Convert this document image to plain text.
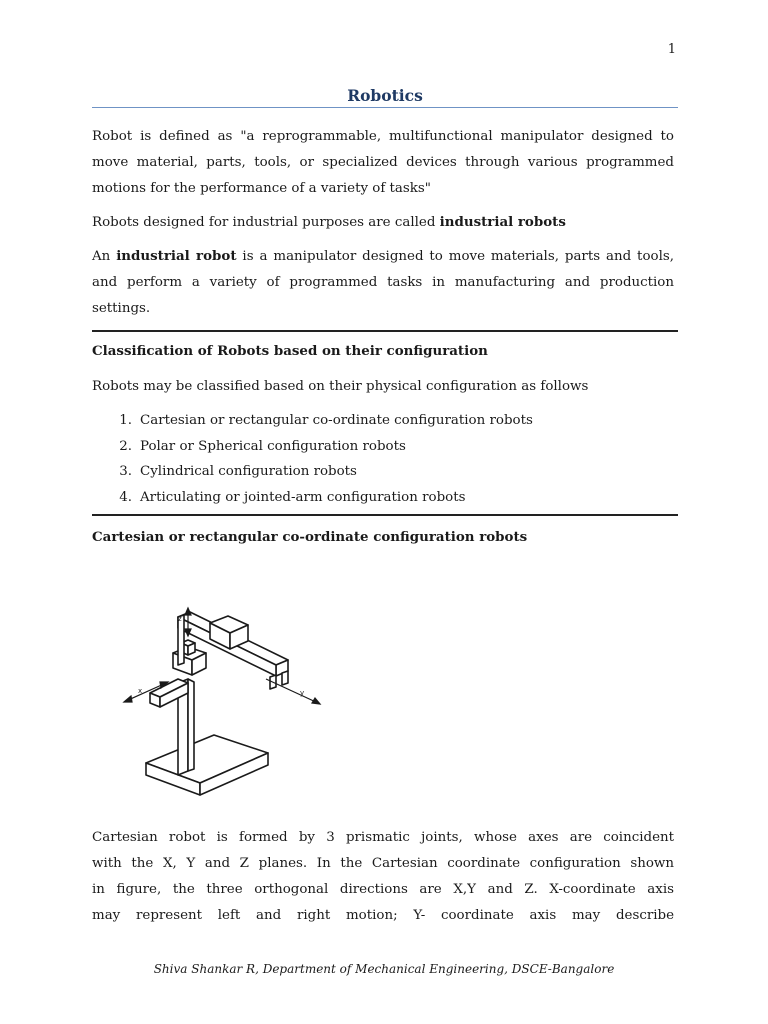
1
Robotics

Robot is defined as "a reprogrammable, multifunctional manipulator designed to move material, parts, tools, or specialized devices through various programmed motions for the performance of a variety of tasks"

Robots designed for industrial purposes are called industrial robots

An industrial robot is a manipulator designed to move materials, parts and tools, and perform a variety of programmed tasks in manufacturing and production settings.

Classification of Robots based on their configuration

Robots may be classified based on their physical configuration as follows

1. Cartesian or rectangular co-ordinate configuration robots
2. Polar or Spherical configuration robots
3. Cylindrical configuration robots
4. Articulating or jointed-arm configuration robots

Cartesian or rectangular co-ordinate configuration robots

x	y
z
Cartesian robot is formed by 3 prismatic joints, whose axes are coincident
with the X, Y and Z planes. In the Cartesian coordinate configuration shown
in figure, the three orthogonal directions are X,Y and Z. X-coordinate axis
may represent left and right motion; Y- coordinate axis may describe
Shiva Shankar R, Department of Mechanical Engineering, DSCE-Bangalore
